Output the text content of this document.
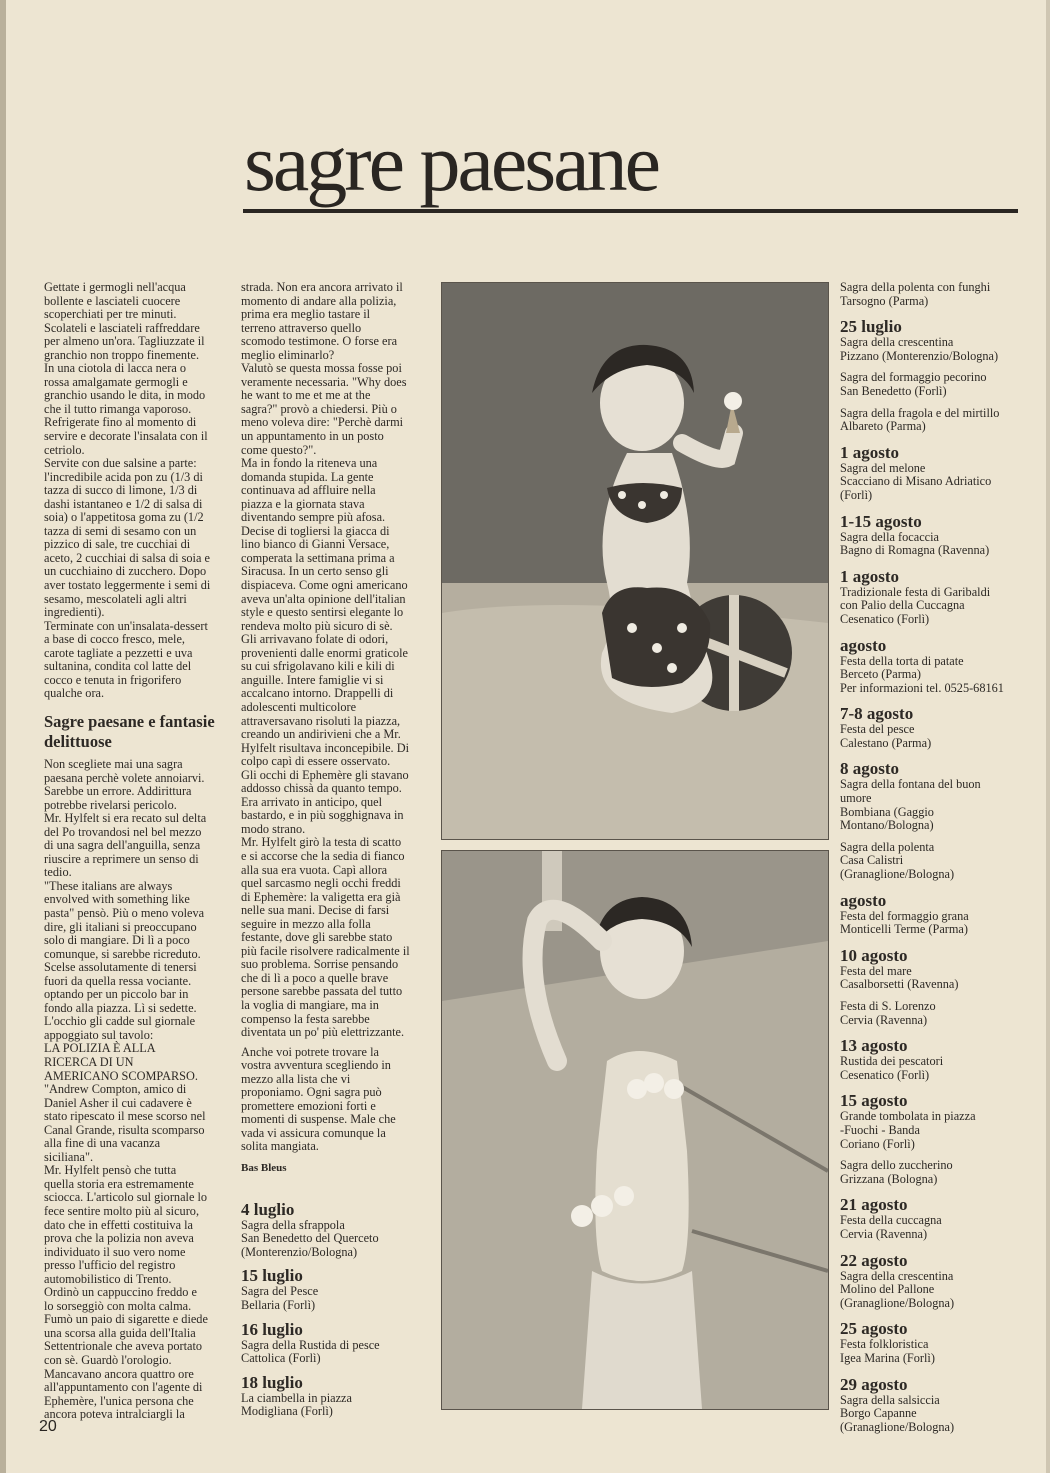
sagre paesane
Gettate i germogli nell'acqua
bollente e lasciateli cuocere
scoperchiati per tre minuti.
Scolateli e lasciateli raffreddare
per almeno un'ora. Tagliuzzate il
granchio non troppo finemente.
In una ciotola di lacca nera o
rossa amalgamate germogli e
granchio usando le dita, in modo
che il tutto rimanga vaporoso.
Refrigerate fino al momento di
servire e decorate l'insalata con il
cetriolo.
Servite con due salsine a parte:
l'incredibile acida pon zu (1/3 di
tazza di succo di limone, 1/3 di
dashi istantaneo e 1/2 di salsa di
soia) o l'appetitosa goma zu (1/2
tazza di semi di sesamo con un
pizzico di sale, tre cucchiai di
aceto, 2 cucchiai di salsa di soia e
un cucchiaino di zucchero. Dopo
aver tostato leggermente i semi di
sesamo, mescolateli agli altri
ingredienti).
Terminate con un'insalata-dessert
a base di cocco fresco, mele,
carote tagliate a pezzetti e uva
sultanina, condita col latte del
cocco e tenuta in frigorifero
qualche ora.

Sagre paesane e fantasie delittuose

Non scegliete mai una sagra
paesana perchè volete annoiarvi.
Sarebbe un errore. Addirittura
potrebbe rivelarsi pericolo.
Mr. Hylfelt si era recato sul delta
del Po trovandosi nel bel mezzo
di una sagra dell'anguilla, senza
riuscire a reprimere un senso di
tedio.
"These italians are always
envolved with something like
pasta" pensò. Più o meno voleva
dire, gli italiani si preoccupano
solo di mangiare. Di lì a poco
comunque, si sarebbe ricreduto.
Scelse assolutamente di tenersi
fuori da quella ressa vociante.
optando per un piccolo bar in
fondo alla piazza. Lì si sedette.
L'occhio gli cadde sul giornale
appoggiato sul tavolo:
LA POLIZIA È ALLA
RICERCA DI UN
AMERICANO SCOMPARSO.
"Andrew Compton, amico di
Daniel Asher il cui cadavere è
stato ripescato il mese scorso nel
Canal Grande, risulta scomparso
alla fine di una vacanza
siciliana".
Mr. Hylfelt pensò che tutta
quella storia era estremamente
sciocca. L'articolo sul giornale lo
fece sentire molto più al sicuro,
dato che in effetti costituiva la
prova che la polizia non aveva
individuato il suo vero nome
presso l'ufficio del registro
automobilistico di Trento.
Ordinò un cappuccino freddo e
lo sorseggiò con molta calma.
Fumò un paio di sigarette e diede
una scorsa alla guida dell'Italia
Settentrionale che aveva portato
con sè. Guardò l'orologio.
Mancavano ancora quattro ore
all'appuntamento con l'agente di
Ephemère, l'unica persona che
ancora poteva intralciargli la
strada. Non era ancora arrivato il
momento di andare alla polizia,
prima era meglio tastare il
terreno attraverso quello
scomodo testimone. O forse era
meglio eliminarlo?
Valutò se questa mossa fosse poi
veramente necessaria. "Why does
he want to me et me at the
sagra?" provò a chiedersi. Più o
meno voleva dire: "Perchè darmi
un appuntamento in un posto
come questo?".
Ma in fondo la riteneva una
domanda stupida. La gente
continuava ad affluire nella
piazza e la giornata stava
diventando sempre più afosa.
Decise di togliersi la giacca di
lino bianco di Gianni Versace,
comperata la settimana prima a
Siracusa. In un certo senso gli
dispiaceva. Come ogni americano
aveva un'alta opinione dell'italian
style e questo sentirsi elegante lo
rendeva molto più sicuro di sè.
Gli arrivavano folate di odori,
provenienti dalle enormi graticole
su cui sfrigolavano kili e kili di
anguille. Intere famiglie vi si
accalcano intorno. Drappelli di
adolescenti multicolore
attraversavano risoluti la piazza,
creando un andirivieni che a Mr.
Hylfelt risultava inconcepibile. Di
colpo capì di essere osservato.
Gli occhi di Ephemère gli stavano
addosso chissà da quanto tempo.
Era arrivato in anticipo, quel
bastardo, e in più sogghignava in
modo strano.
Mr. Hylfelt girò la testa di scatto
e si accorse che la sedia di fianco
alla sua era vuota. Capì allora
quel sarcasmo negli occhi freddi
di Ephemère: la valigetta era già
nelle sua mani. Decise di farsi
seguire in mezzo alla folla
festante, dove gli sarebbe stato
più facile risolvere radicalmente il
suo problema. Sorrise pensando
che di lì a poco a quelle brave
persone sarebbe passata del tutto
la voglia di mangiare, ma in
compenso la festa sarebbe
diventata un po' più elettrizzante.
Anche voi potrete trovare la
vostra avventura scegliendo in
mezzo alla lista che vi
proponiamo. Ogni sagra può
promettere emozioni forti e
momenti di suspense. Male che
vada vi assicura comunque la
solita mangiata.

Bas Bleus

4 luglio
Sagra della sfrappola
San Benedetto del Querceto
(Monterenzio/Bologna)
15 luglio
Sagra del Pesce
Bellaria (Forlì)
16 luglio
Sagra della Rustida di pesce
Cattolica (Forlì)
18 luglio
La ciambella in piazza
Modigliana (Forlì)
Sagra della polenta con funghi
Tarsogno (Parma)
25 luglio
Sagra della crescentina
Pizzano (Monterenzio/Bologna)
Sagra del formaggio pecorino
San Benedetto (Forlì)
Sagra della fragola e del mirtillo
Albareto (Parma)
1 agosto
Sagra del melone
Scacciano di Misano Adriatico
(Forlì)
1-15 agosto
Sagra della focaccia
Bagno di Romagna (Ravenna)
1 agosto
Tradizionale festa di Garibaldi
con Palio della Cuccagna
Cesenatico (Forlì)
agosto
Festa della torta di patate
Berceto (Parma)
Per informazioni tel. 0525-68161
7-8 agosto
Festa del pesce
Calestano (Parma)
8 agosto
Sagra della fontana del buon
umore
Bombiana (Gaggio
Montano/Bologna)
Sagra della polenta
Casa Calistri
(Granaglione/Bologna)
agosto
Festa del formaggio grana
Monticelli Terme (Parma)
10 agosto
Festa del mare
Casalborsetti (Ravenna)
Festa di S. Lorenzo
Cervia (Ravenna)
13 agosto
Rustida dei pescatori
Cesenatico (Forlì)
15 agosto
Grande tombolata in piazza
-Fuochi - Banda
Coriano (Forlì)
Sagra dello zuccherino
Grizzana (Bologna)
21 agosto
Festa della cuccagna
Cervia (Ravenna)
22 agosto
Sagra della crescentina
Molino del Pallone
(Granaglione/Bologna)
25 agosto
Festa folkloristica
Igea Marina (Forlì)
29 agosto
Sagra della salsiccia
Borgo Capanne
(Granaglione/Bologna)
20
